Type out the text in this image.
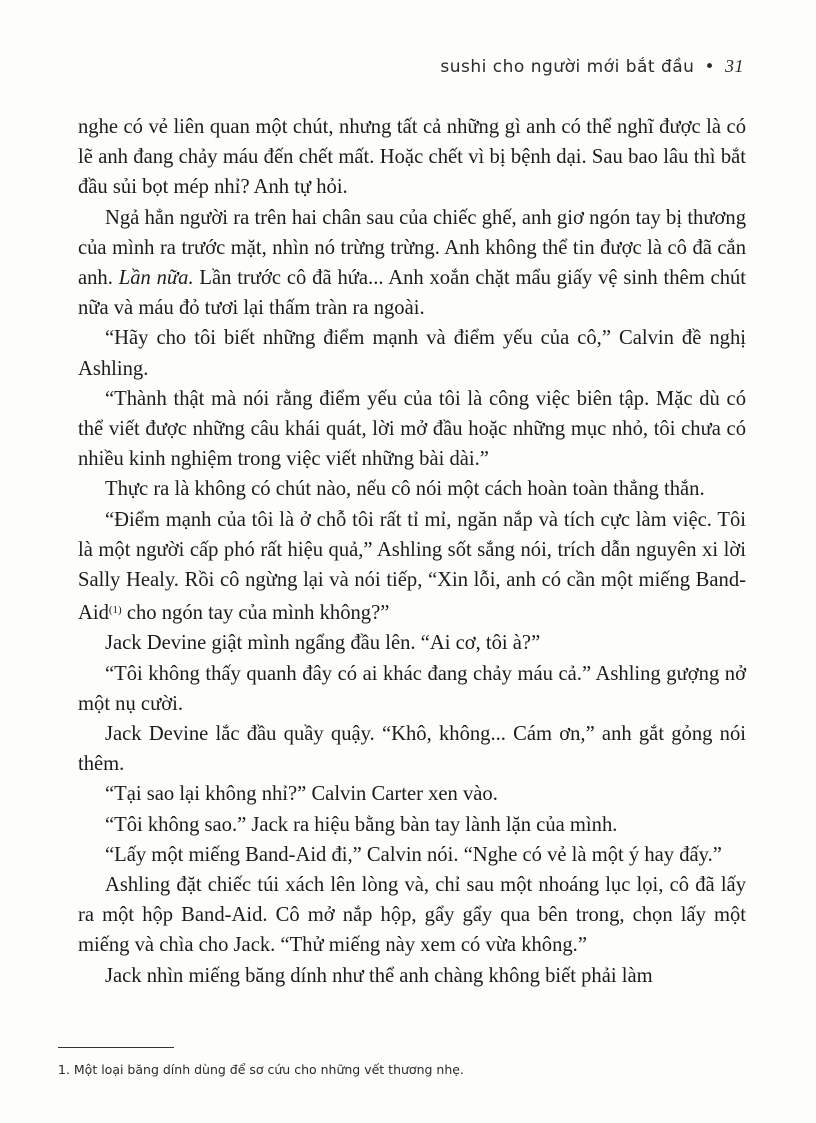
sushi cho người mới bắt đầu • 31

nghe có vẻ liên quan một chút, nhưng tất cả những gì anh có thể nghĩ được là có lẽ anh đang chảy máu đến chết mất. Hoặc chết vì bị bệnh dại. Sau bao lâu thì bắt đầu sủi bọt mép nhỉ? Anh tự hỏi.

Ngả hẳn người ra trên hai chân sau của chiếc ghế, anh giơ ngón tay bị thương của mình ra trước mặt, nhìn nó trừng trừng. Anh không thể tin được là cô đã cắn anh. Lần nữa. Lần trước cô đã hứa... Anh xoắn chặt mẩu giấy vệ sinh thêm chút nữa và máu đỏ tươi lại thấm tràn ra ngoài.

“Hãy cho tôi biết những điểm mạnh và điểm yếu của cô,” Calvin đề nghị Ashling.

“Thành thật mà nói rằng điểm yếu của tôi là công việc biên tập. Mặc dù có thể viết được những câu khái quát, lời mở đầu hoặc những mục nhỏ, tôi chưa có nhiều kinh nghiệm trong việc viết những bài dài.”

Thực ra là không có chút nào, nếu cô nói một cách hoàn toàn thẳng thắn.

“Điểm mạnh của tôi là ở chỗ tôi rất tỉ mỉ, ngăn nắp và tích cực làm việc. Tôi là một người cấp phó rất hiệu quả,” Ashling sốt sắng nói, trích dẫn nguyên xi lời Sally Healy. Rồi cô ngừng lại và nói tiếp, “Xin lỗi, anh có cần một miếng Band-Aid$^{(1)}$ cho ngón tay của mình không?”

Jack Devine giật mình ngẩng đầu lên. “Ai cơ, tôi à?”

“Tôi không thấy quanh đây có ai khác đang chảy máu cả.” Ashling gượng nở một nụ cười.

Jack Devine lắc đầu quầy quậy. “Khô, không... Cám ơn,” anh gắt gỏng nói thêm.

“Tại sao lại không nhỉ?” Calvin Carter xen vào.

“Tôi không sao.” Jack ra hiệu bằng bàn tay lành lặn của mình.

“Lấy một miếng Band-Aid đi,” Calvin nói. “Nghe có vẻ là một ý hay đấy.”

Ashling đặt chiếc túi xách lên lòng và, chỉ sau một nhoáng lục lọi, cô đã lấy ra một hộp Band-Aid. Cô mở nắp hộp, gẩy gẩy qua bên trong, chọn lấy một miếng và chìa cho Jack. “Thử miếng này xem có vừa không.”

Jack nhìn miếng băng dính như thể anh chàng không biết phải làm

1. Một loại băng dính dùng để sơ cứu cho những vết thương nhẹ.
